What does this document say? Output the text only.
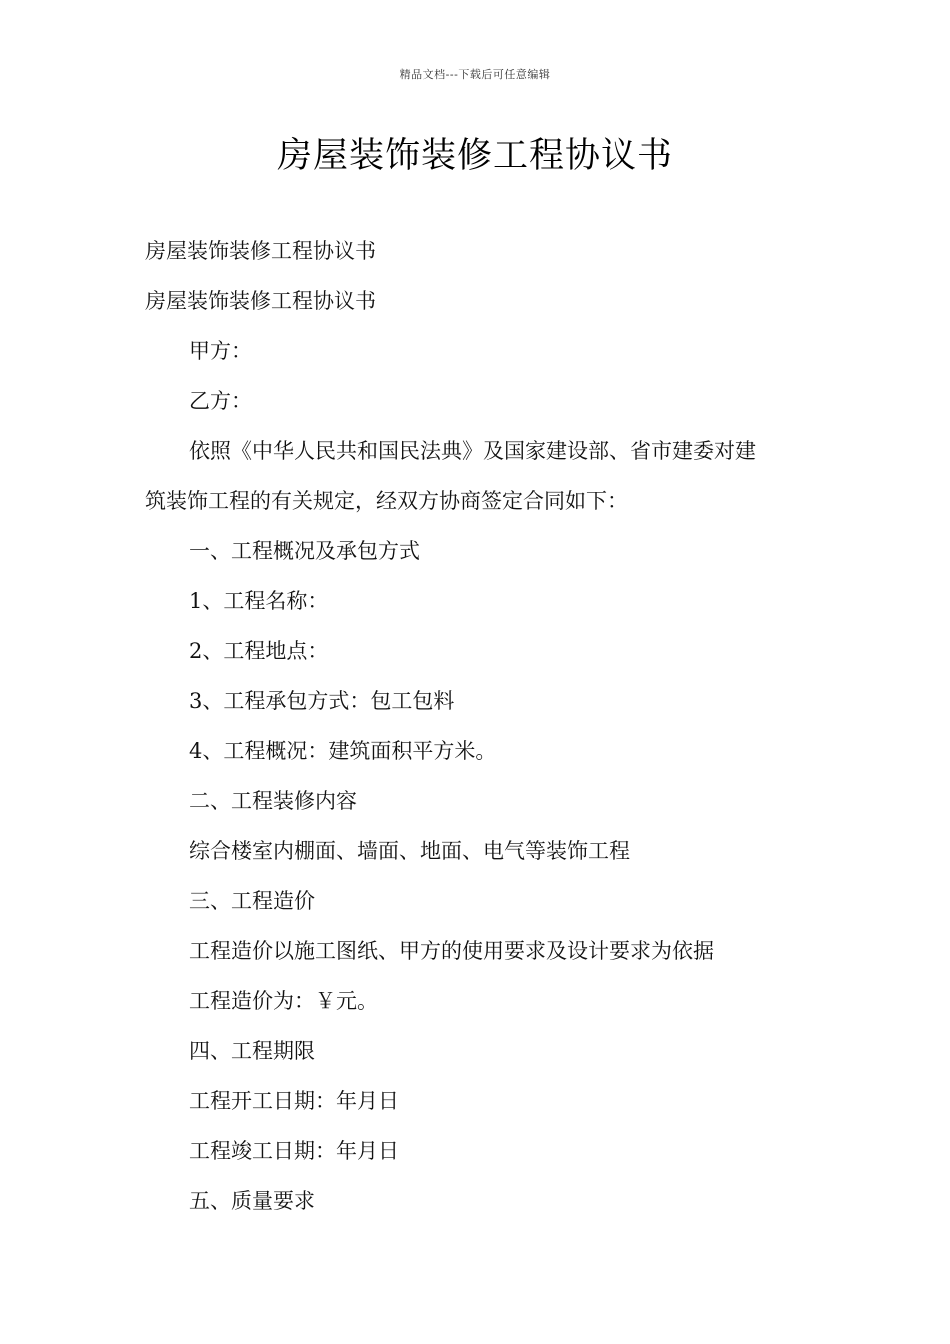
精品文档---下载后可任意编辑
房屋装饰装修工程协议书

房屋装饰装修工程协议书

房屋装饰装修工程协议书

甲方：

乙方：

依照《中华人民共和国民法典》及国家建设部、省市建委对建

筑装饰工程的有关规定，经双方协商签定合同如下：

一、工程概况及承包方式

1、工程名称：

2、工程地点：

3、工程承包方式：包工包料

4、工程概况：建筑面积平方米。

二、工程装修内容

综合楼室内棚面、墙面、地面、电气等装饰工程

三、工程造价

工程造价以施工图纸、甲方的使用要求及设计要求为依据

工程造价为：￥元。

四、工程期限

工程开工日期：年月日

工程竣工日期：年月日

五、质量要求
